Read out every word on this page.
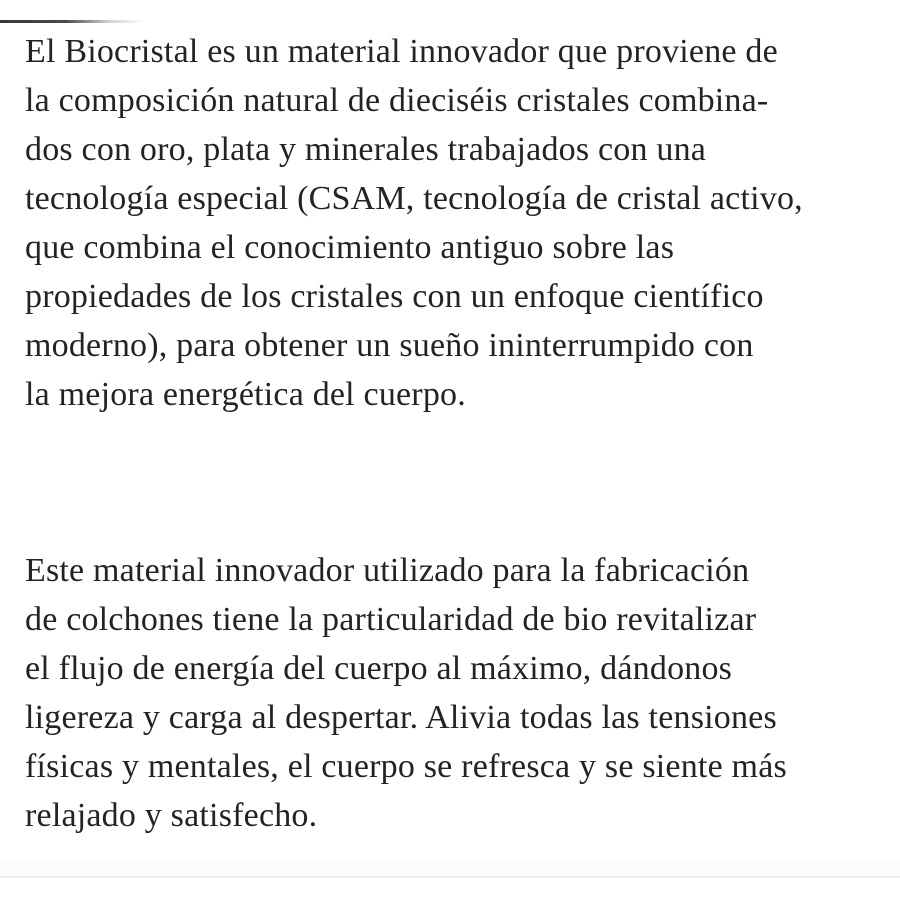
El Biocristal es un material innovador que proviene de
la composición natural de dieciséis cristales combina-
dos con oro, plata y minerales trabajados con una
tecnología especial (CSAM, tecnología de cristal activo,
que combina el conocimiento antiguo sobre las
propiedades de los cristales con un enfoque científico
moderno), para obtener un sueño ininterrumpido con
la mejora energética del cuerpo.
Este material innovador utilizado para la fabricación
de colchones tiene la particularidad de bio revitalizar
el flujo de energía del cuerpo al máximo, dándonos
ligereza y carga al despertar. Alivia todas las tensiones
físicas y mentales, el cuerpo se refresca y se siente más
relajado y satisfecho.
